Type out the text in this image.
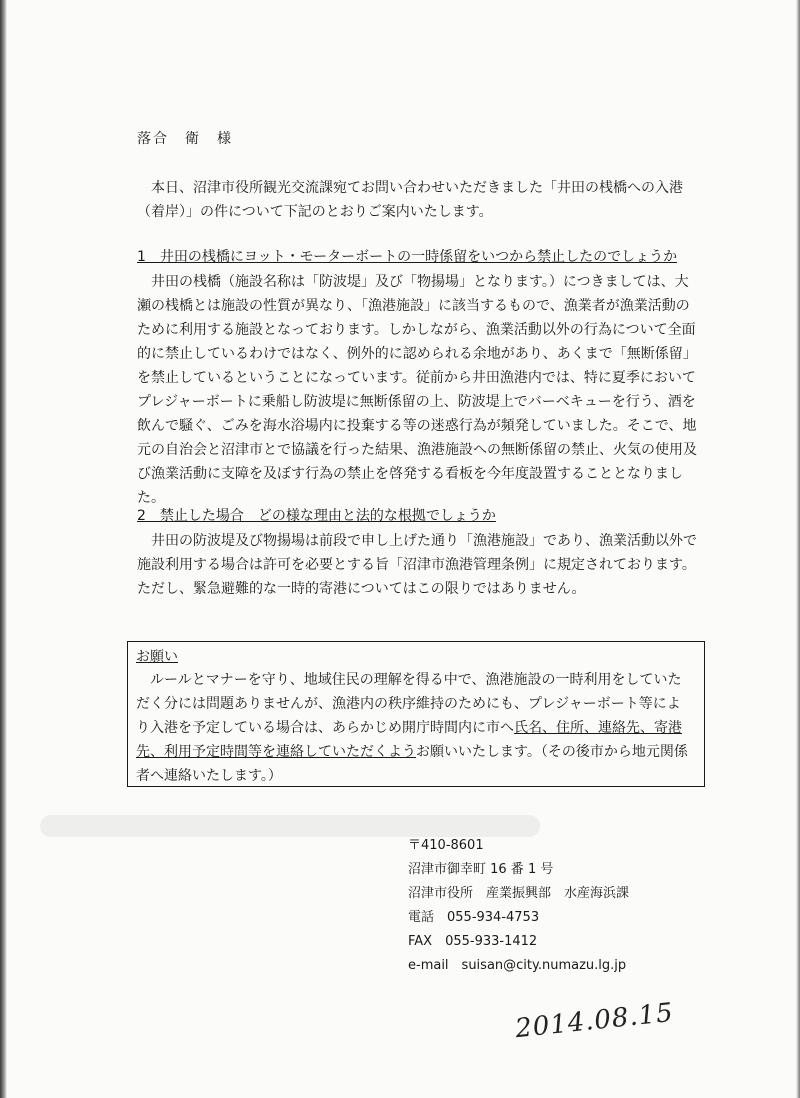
落合　衛　様

本日、沼津市役所観光交流課宛てお問い合わせいただきました「井田の桟橋への入港（着岸）」の件について下記のとおりご案内いたします。

1　井田の桟橋にヨット・モーターボートの一時係留をいつから禁止したのでしょうか

井田の桟橋（施設名称は「防波堤」及び「物揚場」となります。）につきましては、大瀬の桟橋とは施設の性質が異なり、「漁港施設」に該当するもので、漁業者が漁業活動のために利用する施設となっております。しかしながら、漁業活動以外の行為について全面的に禁止しているわけではなく、例外的に認められる余地があり、あくまで「無断係留」を禁止しているということになっています。従前から井田漁港内では、特に夏季においてプレジャーボートに乗船し防波堤に無断係留の上、防波堤上でバーベキューを行う、酒を飲んで騒ぐ、ごみを海水浴場内に投棄する等の迷惑行為が頻発していました。そこで、地元の自治会と沼津市とで協議を行った結果、漁港施設への無断係留の禁止、火気の使用及び漁業活動に支障を及ぼす行為の禁止を啓発する看板を今年度設置することとなりました。

2　禁止した場合　どの様な理由と法的な根拠でしょうか

井田の防波堤及び物揚場は前段で申し上げた通り「漁港施設」であり、漁業活動以外で施設利用する場合は許可を必要とする旨「沼津市漁港管理条例」に規定されております。ただし、緊急避難的な一時的寄港についてはこの限りではありません。

お願い

ルールとマナーを守り、地域住民の理解を得る中で、漁港施設の一時利用をしていただく分には問題ありませんが、漁港内の秩序維持のためにも、プレジャーボート等により入港を予定している場合は、あらかじめ開庁時間内に市へ氏名、住所、連絡先、寄港先、利用予定時間等を連絡していただくようお願いいたします。（その後市から地元関係者へ連絡いたします。）

〒410-8601
沼津市御幸町 16 番 1 号
沼津市役所　産業振興部　水産海浜課
電話　055-934-4753
FAX　055-933-1412
e-mail　suisan@city.numazu.lg.jp
2014.08.15
